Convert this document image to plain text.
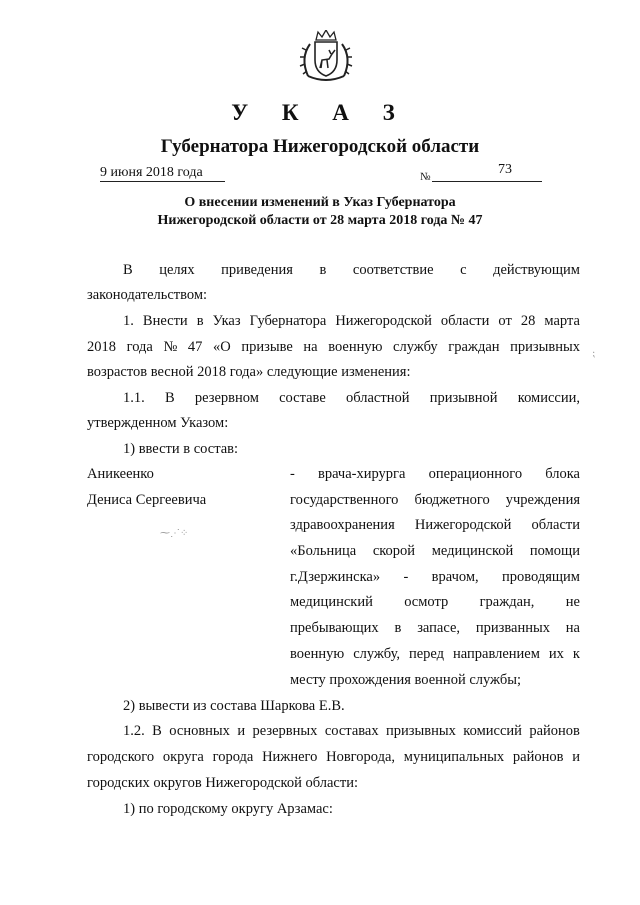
У К А З
Губернатора Нижегородской области
9 июня 2018 года	№	73
О внесении изменений в Указ Губернатора
Нижегородской области от 28 марта 2018 года № 47
В целях приведения в соответствие с действующим
законодательством:
1. Внести в Указ Губернатора Нижегородской области от 28 марта
2018 года № 47 «О призыве на военную службу граждан призывных
возрастов весной 2018 года» следующие изменения:
1.1. В резервном составе областной призывной комиссии,
утвержденном Указом:
1) ввести в состав:
Аникеенко
Дениса Сергеевича
- врача-хирурга операционного блока
государственного бюджетного учреждения
здравоохранения Нижегородской области
«Больница скорой медицинской помощи
г.Дзержинска» - врачом, проводящим
медицинский осмотр граждан, не
пребывающих в запасе, призванных на
военную службу, перед направлением их к
месту прохождения военной службы;
⁓⋰⁘
⁏
2) вывести из состава Шаркова Е.В.
1.2. В основных и резервных составах призывных комиссий районов
городского округа города Нижнего Новгорода, муниципальных районов и
городских округов Нижегородской области:
1) по городскому округу Арзамас:
